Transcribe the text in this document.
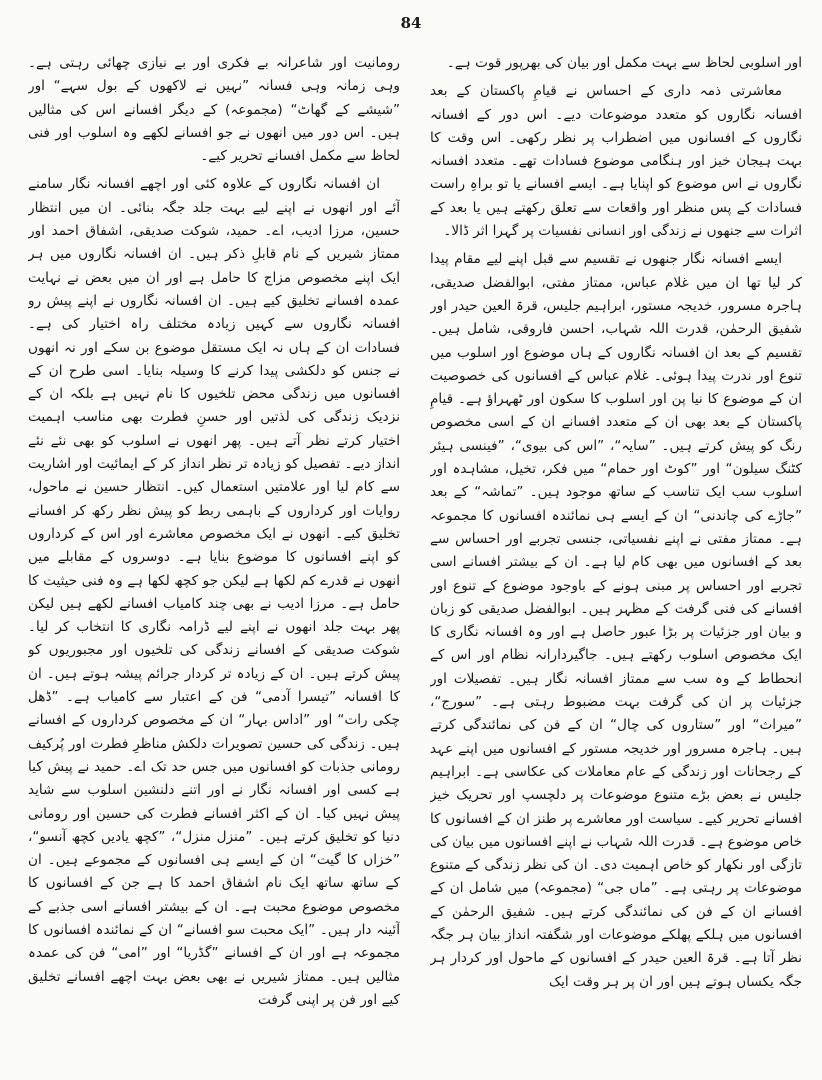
84

اور اسلوبی لحاظ سے بہت مکمل اور بیان کی بھرپور قوت ہے۔

معاشرتی ذمہ داری کے احساس نے قیامِ پاکستان کے بعد افسانہ نگاروں کو متعدد موضوعات دیے۔ اس دور کے افسانہ نگاروں کے افسانوں میں اضطراب پر نظر رکھی۔ اس وقت کا بہت ہیجان خیز اور ہنگامی موضوع فسادات تھے۔ متعدد افسانہ نگاروں نے اس موضوع کو اپنایا ہے۔ ایسے افسانے یا تو براہِ راست فسادات کے پس منظر اور واقعات سے تعلق رکھتے ہیں یا بعد کے اثرات سے جنھوں نے زندگی اور انسانی نفسیات پر گہرا اثر ڈالا۔

ایسے افسانہ نگار جنھوں نے تقسیم سے قبل اپنے لیے مقام پیدا کر لیا تھا ان میں غلام عباس، ممتاز مفتی، ابوالفضل صدیقی، ہاجرہ مسرور، خدیجہ مستور، ابراہیم جلیس، قرۃ العین حیدر اور شفیق الرحمٰن، قدرت اللہ شہاب، احسن فاروقی، شامل ہیں۔ تقسیم کے بعد ان افسانہ نگاروں کے ہاں موضوع اور اسلوب میں تنوع اور ندرت پیدا ہوئی۔ غلام عباس کے افسانوں کی خصوصیت ان کے موضوع کا نیا پن اور اسلوب کا سکون اور ٹھہراؤ ہے۔ قیامِ پاکستان کے بعد بھی ان کے متعدد افسانے ان کے اسی مخصوص رنگ کو پیش کرتے ہیں۔ ”سایہ“، ”اس کی بیوی“، ”فینسی ہیئر کٹنگ سیلون“ اور ”کوٹ اور حمام“ میں فکر، تخیل، مشاہدہ اور اسلوب سب ایک تناسب کے ساتھ موجود ہیں۔ ”تماشہ“ کے بعد ”جاڑے کی چاندنی“ ان کے ایسے ہی نمائندہ افسانوں کا مجموعہ ہے۔ ممتاز مفتی نے اپنے نفسیاتی، جنسی تجربے اور احساس سے بعد کے افسانوں میں بھی کام لیا ہے۔ ان کے بیشتر افسانے اسی تجربے اور احساس پر مبنی ہونے کے باوجود موضوع کے تنوع اور افسانے کی فنی گرفت کے مظہر ہیں۔ ابوالفضل صدیقی کو زبان و بیان اور جزئیات پر بڑا عبور حاصل ہے اور وہ افسانہ نگاری کا ایک مخصوص اسلوب رکھتے ہیں۔ جاگیردارانہ نظام اور اس کے انحطاط کے وہ سب سے ممتاز افسانہ نگار ہیں۔ تفصیلات اور جزئیات پر ان کی گرفت بہت مضبوط رہتی ہے۔ ”سورج“، ”میراث“ اور ”ستاروں کی چال“ ان کے فن کی نمائندگی کرتے ہیں۔ ہاجرہ مسرور اور خدیجہ مستور کے افسانوں میں اپنے عہد کے رجحانات اور زندگی کے عام معاملات کی عکاسی ہے۔ ابراہیم جلیس نے بعض بڑے متنوع موضوعات پر دلچسپ اور تحریک خیز افسانے تحریر کیے۔ سیاست اور معاشرے پر طنز ان کے افسانوں کا خاص موضوع ہے۔ قدرت اللہ شہاب نے اپنے افسانوں میں بیان کی تازگی اور نکھار کو خاص اہمیت دی۔ ان کی نظر زندگی کے متنوع موضوعات پر رہتی ہے۔ ”ماں جی“ (مجموعہ) میں شامل ان کے افسانے ان کے فن کی نمائندگی کرتے ہیں۔ شفیق الرحمٰن کے افسانوں میں ہلکے پھلکے موضوعات اور شگفتہ انداز بیان ہر جگہ نظر آتا ہے۔ قرۃ العین حیدر کے افسانوں کے ماحول اور کردار ہر جگہ یکساں ہوتے ہیں اور ان پر ہر وقت ایک

رومانیت اور شاعرانہ بے فکری اور بے نیازی چھائی رہتی ہے۔ وہی زمانہ وہی فسانہ ”نہیں نے لاکھوں کے بول سہے“ اور ”شیشے کے گھاٹ“ (مجموعہ) کے دیگر افسانے اس کی مثالیں ہیں۔ اس دور میں انھوں نے جو افسانے لکھے وہ اسلوب اور فنی لحاظ سے مکمل افسانے تحریر کیے۔

ان افسانہ نگاروں کے علاوہ کئی اور اچھے افسانہ نگار سامنے آئے اور انھوں نے اپنے لیے بہت جلد جگہ بنائی۔ ان میں انتظار حسین، مرزا ادیب، اے۔ حمید، شوکت صدیقی، اشفاق احمد اور ممتاز شیریں کے نام قابلِ ذکر ہیں۔ ان افسانہ نگاروں میں ہر ایک اپنے مخصوص مزاج کا حامل ہے اور ان میں بعض نے نہایت عمدہ افسانے تخلیق کیے ہیں۔ ان افسانہ نگاروں نے اپنے پیش رو افسانہ نگاروں سے کہیں زیادہ مختلف راہ اختیار کی ہے۔ فسادات ان کے ہاں نہ ایک مستقل موضوع بن سکے اور نہ انھوں نے جنس کو دلکشی پیدا کرنے کا وسیلہ بنایا۔ اسی طرح ان کے افسانوں میں زندگی محض تلخیوں کا نام نہیں ہے بلکہ ان کے نزدیک زندگی کی لذتیں اور حسنِ فطرت بھی مناسب اہمیت اختیار کرتے نظر آتے ہیں۔ پھر انھوں نے اسلوب کو بھی نئے نئے انداز دیے۔ تفصیل کو زیادہ تر نظر انداز کر کے ایمائیت اور اشاریت سے کام لیا اور علامتیں استعمال کیں۔ انتظار حسین نے ماحول، روایات اور کرداروں کے باہمی ربط کو پیش نظر رکھ کر افسانے تخلیق کیے۔ انھوں نے ایک مخصوص معاشرے اور اس کے کرداروں کو اپنے افسانوں کا موضوع بنایا ہے۔ دوسروں کے مقابلے میں انھوں نے قدرے کم لکھا ہے لیکن جو کچھ لکھا ہے وہ فنی حیثیت کا حامل ہے۔ مرزا ادیب نے بھی چند کامیاب افسانے لکھے ہیں لیکن پھر بہت جلد انھوں نے اپنے لیے ڈرامہ نگاری کا انتخاب کر لیا۔ شوکت صدیقی کے افسانے زندگی کی تلخیوں اور مجبوریوں کو پیش کرتے ہیں۔ ان کے زیادہ تر کردار جرائم پیشہ ہوتے ہیں۔ ان کا افسانہ ”تیسرا آدمی“ فن کے اعتبار سے کامیاب ہے۔ ”ڈھل چکی رات“ اور ”اداس بہار“ ان کے مخصوص کرداروں کے افسانے ہیں۔ زندگی کی حسین تصویرات دلکش مناظرِ فطرت اور پُرکیف رومانی جذبات کو افسانوں میں جس حد تک اے۔ حمید نے پیش کیا ہے کسی اور افسانہ نگار نے اور اتنے دلنشین اسلوب سے شاید پیش نہیں کیا۔ ان کے اکثر افسانے فطرت کی حسین اور رومانی دنیا کو تخلیق کرتے ہیں۔ ”منزل منزل“، ”کچھ یادیں کچھ آنسو“، ”خزاں کا گیت“ ان کے ایسے ہی افسانوں کے مجموعے ہیں۔ ان کے ساتھ ساتھ ایک نام اشفاق احمد کا ہے جن کے افسانوں کا مخصوص موضوع محبت ہے۔ ان کے بیشتر افسانے اسی جذبے کے آئینہ دار ہیں۔ ”ایک محبت سو افسانے“ ان کے نمائندہ افسانوں کا مجموعہ ہے اور ان کے افسانے ”گڈریا“ اور ”امی“ فن کی عمدہ مثالیں ہیں۔ ممتاز شیریں نے بھی بعض بہت اچھے افسانے تخلیق کیے اور فن پر اپنی گرفت
